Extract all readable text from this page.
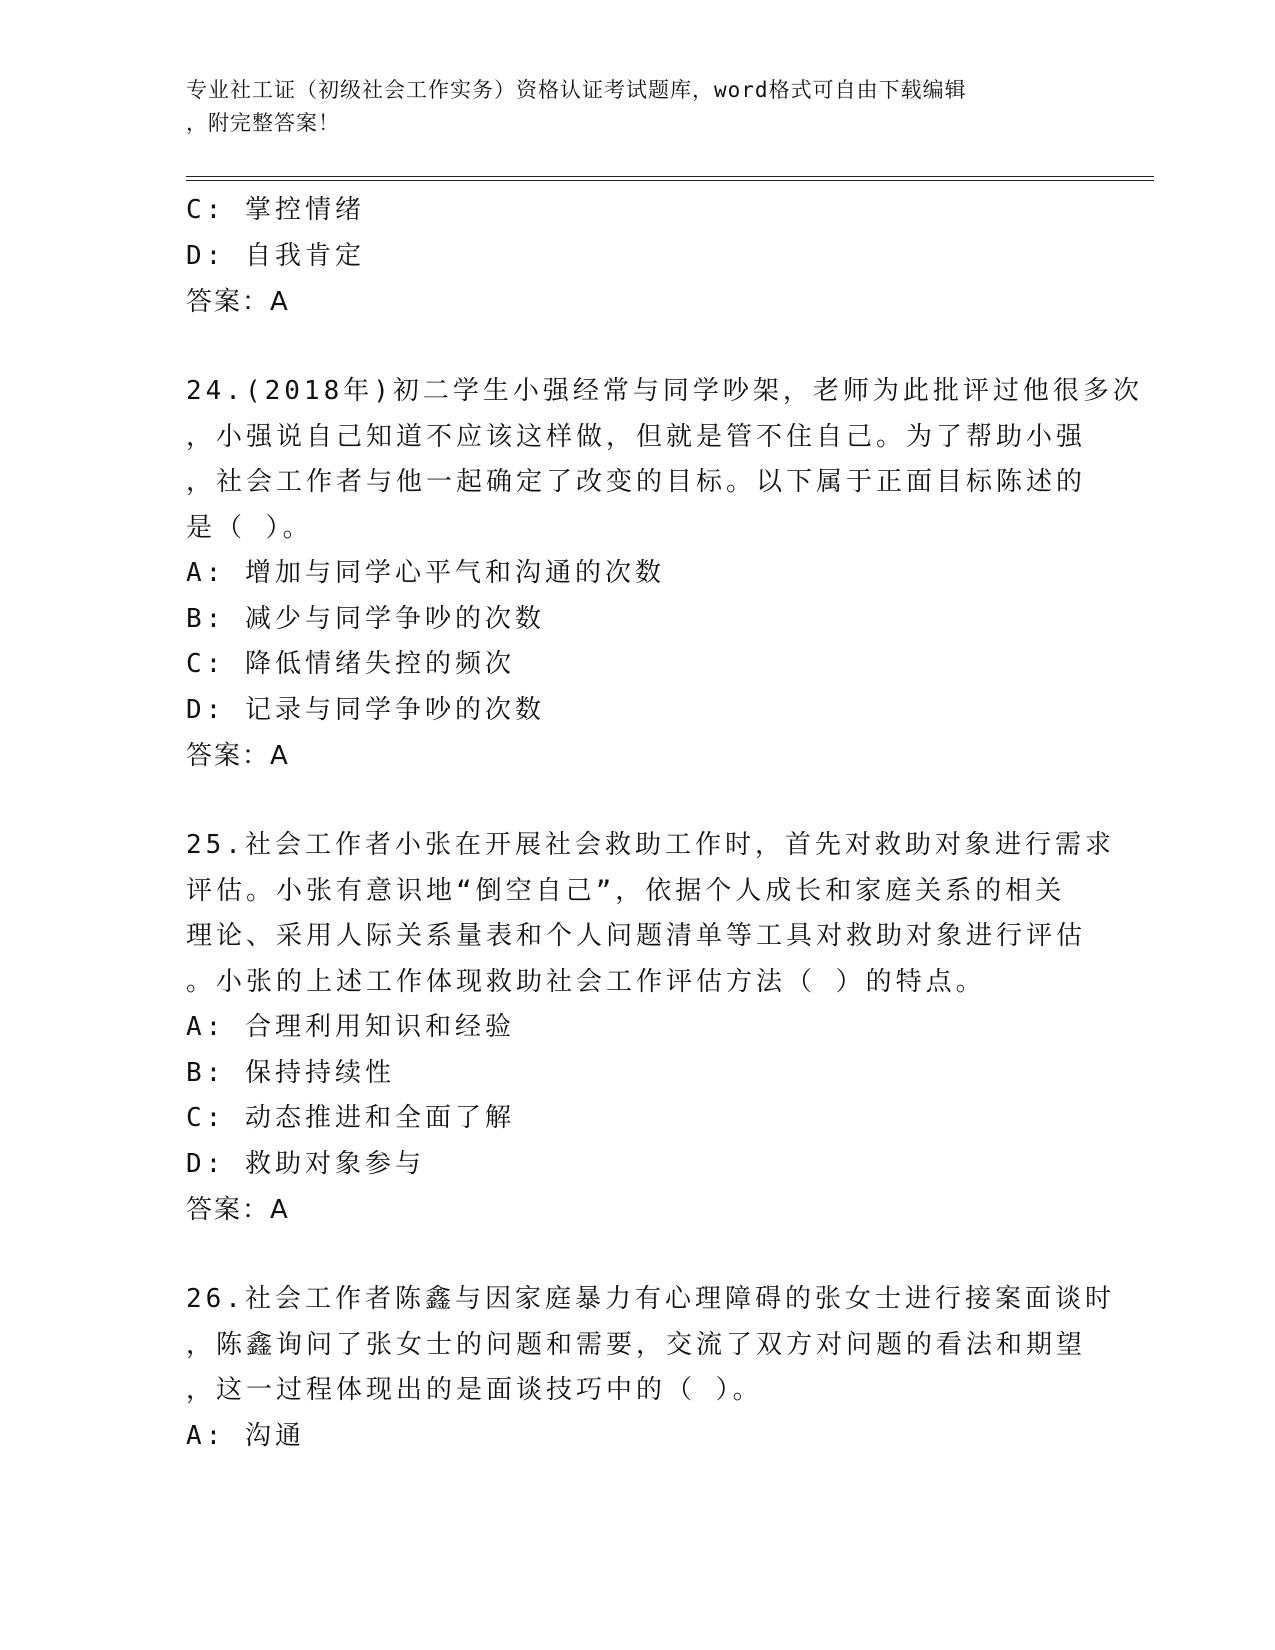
专业社工证（初级社会工作实务）资格认证考试题库，word格式可自由下载编辑
，附完整答案！
C: 掌控情绪
D: 自我肯定
答案：A
24.(2018年)初二学生小强经常与同学吵架，老师为此批评过他很多次
，小强说自己知道不应该这样做，但就是管不住自己。为了帮助小强
，社会工作者与他一起确定了改变的目标。以下属于正面目标陈述的
是（ ）。
A: 增加与同学心平气和沟通的次数
B: 减少与同学争吵的次数
C: 降低情绪失控的频次
D: 记录与同学争吵的次数
答案：A
25.社会工作者小张在开展社会救助工作时，首先对救助对象进行需求
评估。小张有意识地“倒空自己”，依据个人成长和家庭关系的相关
理论、采用人际关系量表和个人问题清单等工具对救助对象进行评估
。小张的上述工作体现救助社会工作评估方法（ ）的特点。
A: 合理利用知识和经验
B: 保持持续性
C: 动态推进和全面了解
D: 救助对象参与
答案：A
26.社会工作者陈鑫与因家庭暴力有心理障碍的张女士进行接案面谈时
，陈鑫询问了张女士的问题和需要，交流了双方对问题的看法和期望
，这一过程体现出的是面谈技巧中的（ ）。
A: 沟通
